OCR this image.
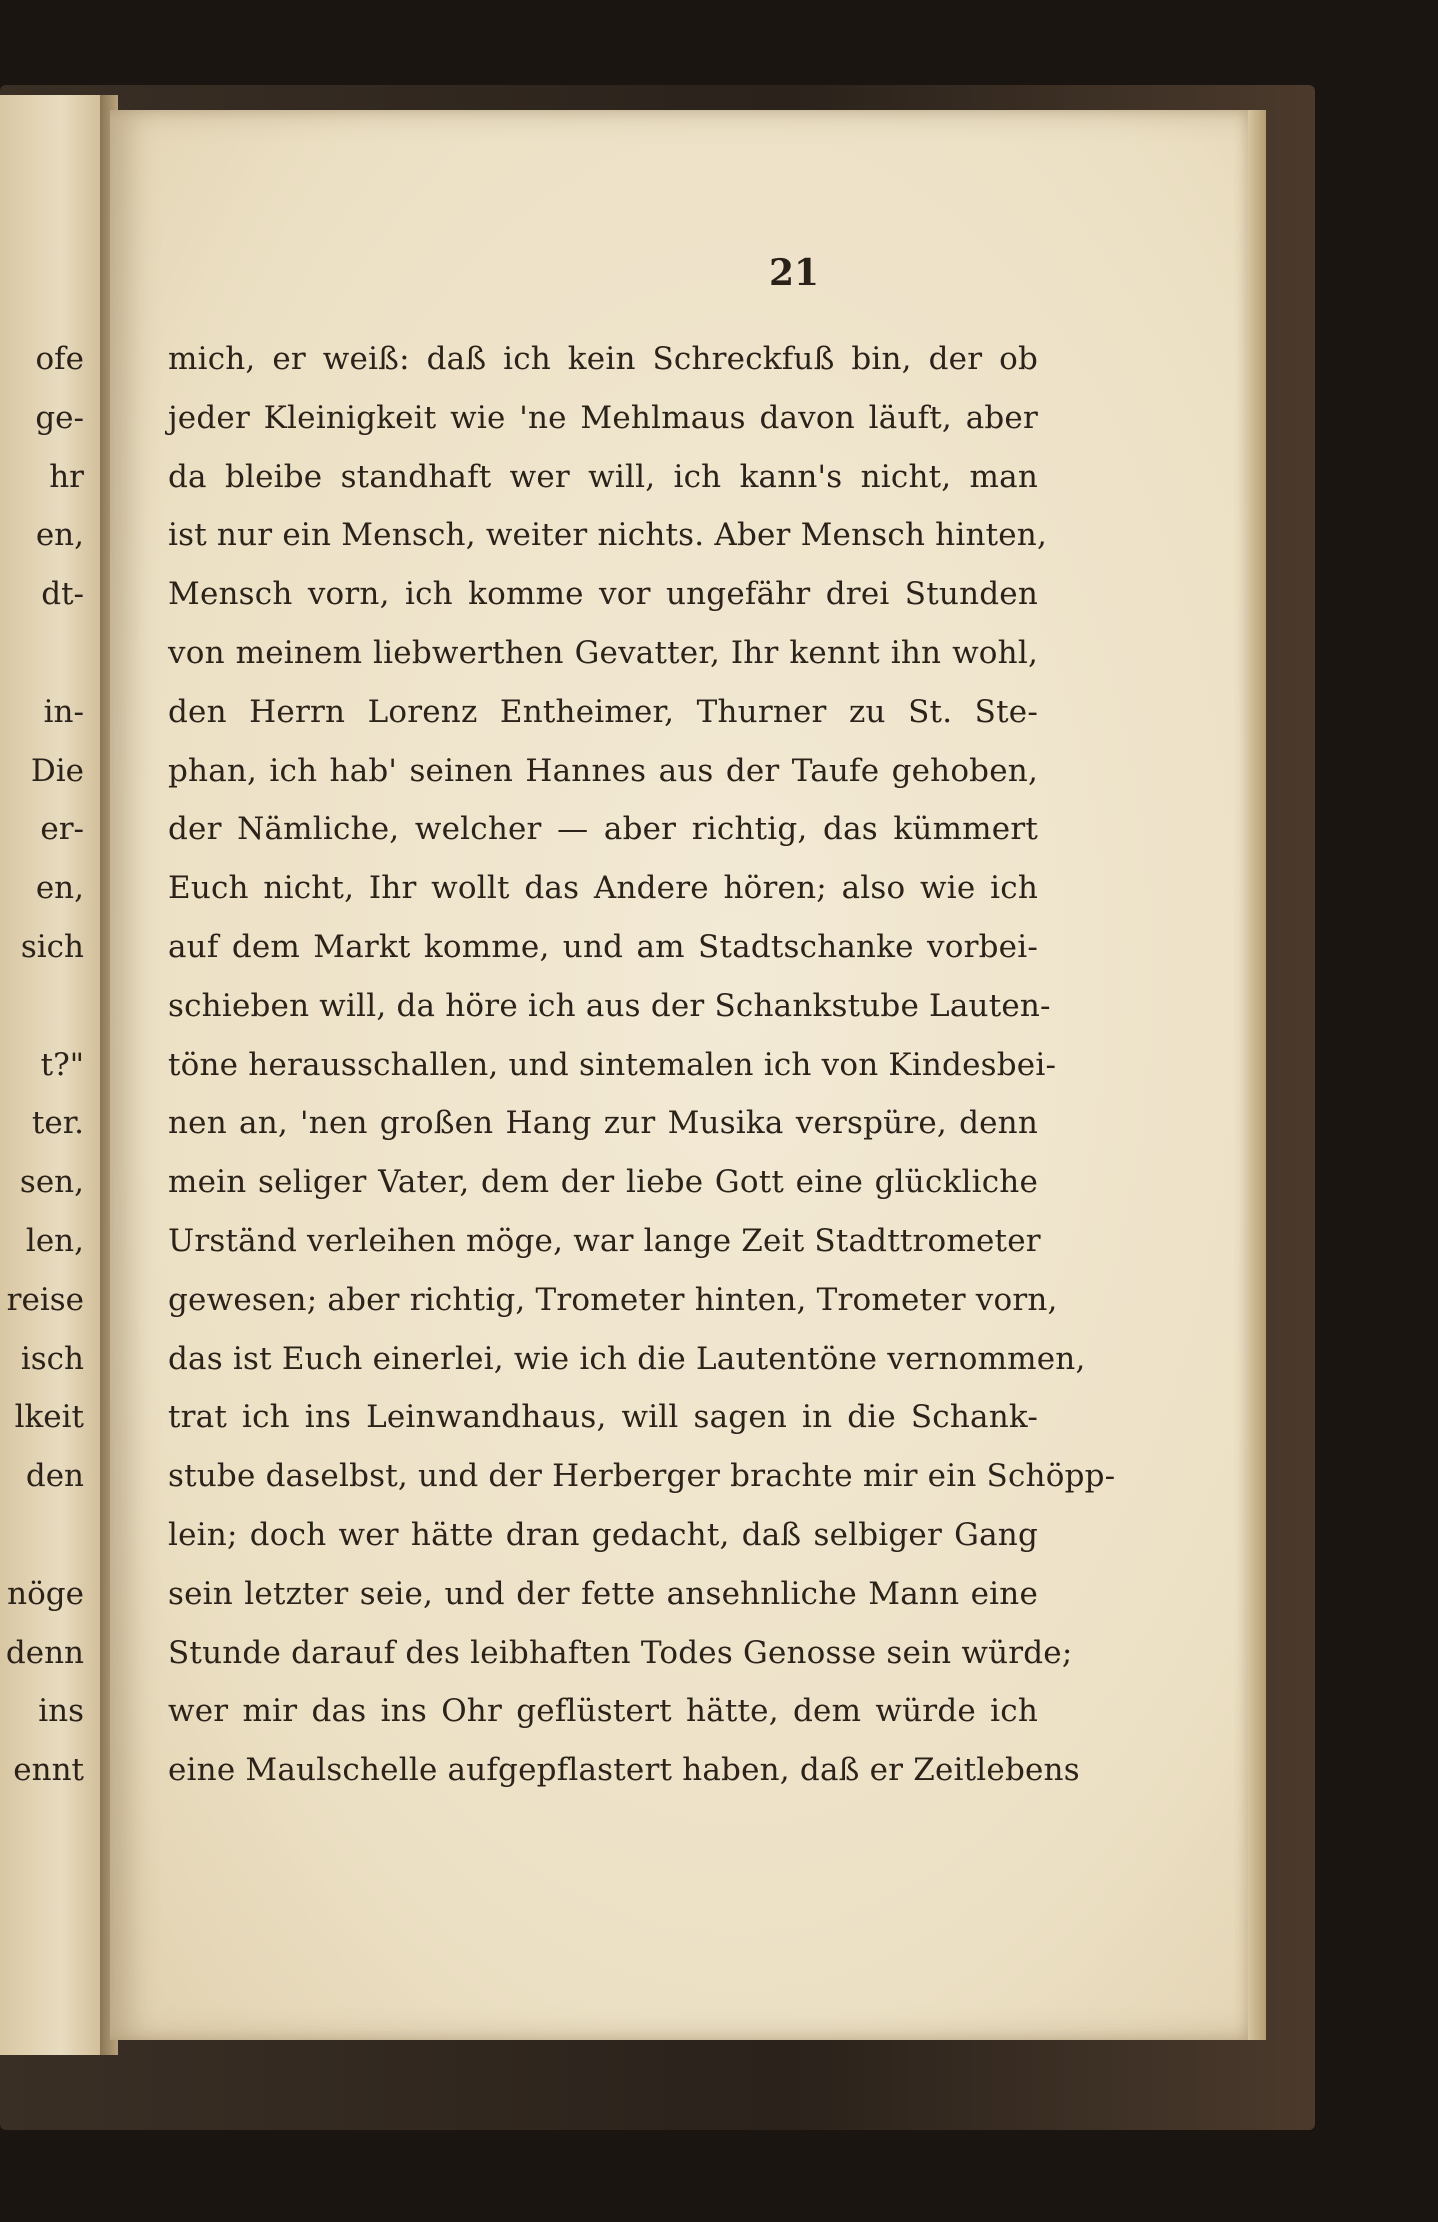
21
ofe
ge-
hr
en,
dt-
in-
Die
er-
en,
sich
t?"
ter.
sen,
len,
reise
isch
lkeit
den
nöge
denn
ins
ennt
mich, er weiß: daß ich kein Schreckfuß bin, der ob
jeder Kleinigkeit wie 'ne Mehlmaus davon läuft, aber
da bleibe standhaft wer will, ich kann's nicht, man
ist nur ein Mensch, weiter nichts. Aber Mensch hinten,
Mensch vorn, ich komme vor ungefähr drei Stunden
von meinem liebwerthen Gevatter, Ihr kennt ihn wohl,
den Herrn Lorenz Entheimer, Thurner zu St. Ste-
phan, ich hab' seinen Hannes aus der Taufe gehoben,
der Nämliche, welcher — aber richtig, das kümmert
Euch nicht, Ihr wollt das Andere hören; also wie ich
auf dem Markt komme, und am Stadtschanke vorbei-
schieben will, da höre ich aus der Schankstube Lauten-
töne herausschallen, und sintemalen ich von Kindesbei-
nen an, 'nen großen Hang zur Musika verspüre, denn
mein seliger Vater, dem der liebe Gott eine glückliche
Urständ verleihen möge, war lange Zeit Stadttrometer
gewesen; aber richtig, Trometer hinten, Trometer vorn,
das ist Euch einerlei, wie ich die Lautentöne vernommen,
trat ich ins Leinwandhaus, will sagen in die Schank-
stube daselbst, und der Herberger brachte mir ein Schöpp-
lein; doch wer hätte dran gedacht, daß selbiger Gang
sein letzter seie, und der fette ansehnliche Mann eine
Stunde darauf des leibhaften Todes Genosse sein würde;
wer mir das ins Ohr geflüstert hätte, dem würde ich
eine Maulschelle aufgepflastert haben, daß er Zeitlebens
